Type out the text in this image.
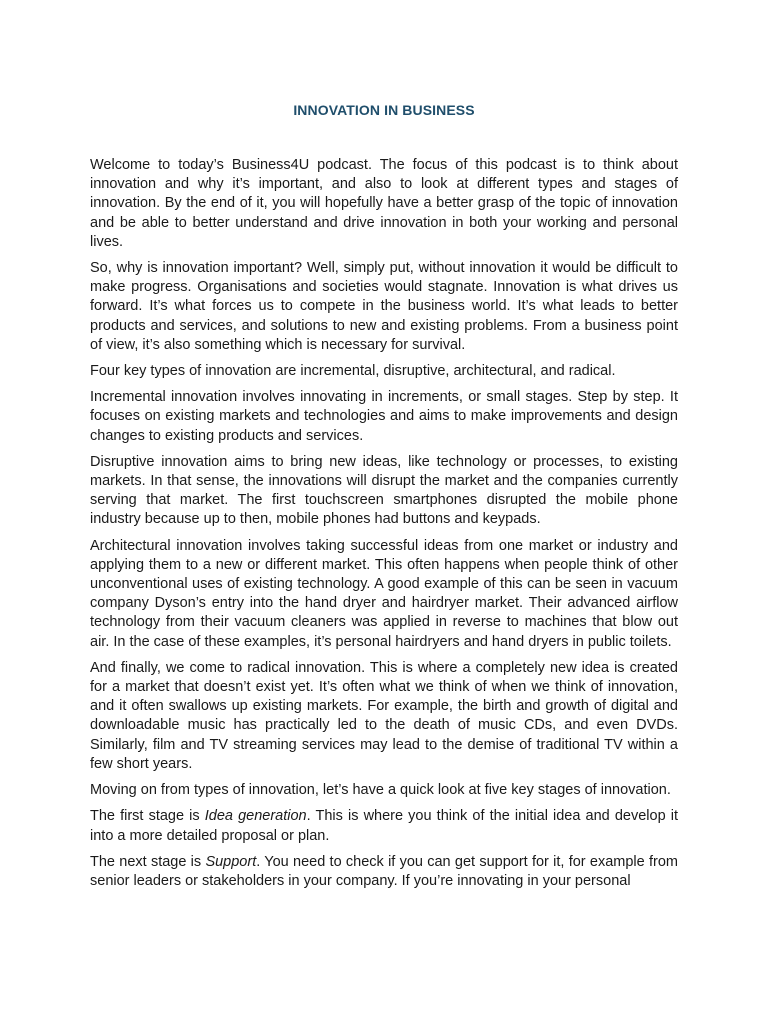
INNOVATION IN BUSINESS

Welcome to today’s Business4U podcast. The focus of this podcast is to think about innovation and why it’s important, and also to look at different types and stages of innovation. By the end of it, you will hopefully have a better grasp of the topic of innovation and be able to better understand and drive innovation in both your working and personal lives.

So, why is innovation important? Well, simply put, without innovation it would be difficult to make progress. Organisations and societies would stagnate. Innovation is what drives us forward. It’s what forces us to compete in the business world. It’s what leads to better products and services, and solutions to new and existing problems. From a business point of view, it’s also something which is necessary for survival.

Four key types of innovation are incremental, disruptive, architectural, and radical.

Incremental innovation involves innovating in increments, or small stages. Step by step. It focuses on existing markets and technologies and aims to make improvements and design changes to existing products and services.

Disruptive innovation aims to bring new ideas, like technology or processes, to existing markets. In that sense, the innovations will disrupt the market and the companies currently serving that market. The first touchscreen smartphones disrupted the mobile phone industry because up to then, mobile phones had buttons and keypads.

Architectural innovation involves taking successful ideas from one market or industry and applying them to a new or different market. This often happens when people think of other unconventional uses of existing technology. A good example of this can be seen in vacuum company Dyson’s entry into the hand dryer and hairdryer market. Their advanced airflow technology from their vacuum cleaners was applied in reverse to machines that blow out air. In the case of these examples, it’s personal hairdryers and hand dryers in public toilets.

And finally, we come to radical innovation. This is where a completely new idea is created for a market that doesn’t exist yet. It’s often what we think of when we think of innovation, and it often swallows up existing markets. For example, the birth and growth of digital and downloadable music has practically led to the death of music CDs, and even DVDs. Similarly, film and TV streaming services may lead to the demise of traditional TV within a few short years.

Moving on from types of innovation, let’s have a quick look at five key stages of innovation.

The first stage is Idea generation. This is where you think of the initial idea and develop it into a more detailed proposal or plan.

The next stage is Support. You need to check if you can get support for it, for example from senior leaders or stakeholders in your company. If you’re innovating in your personal
